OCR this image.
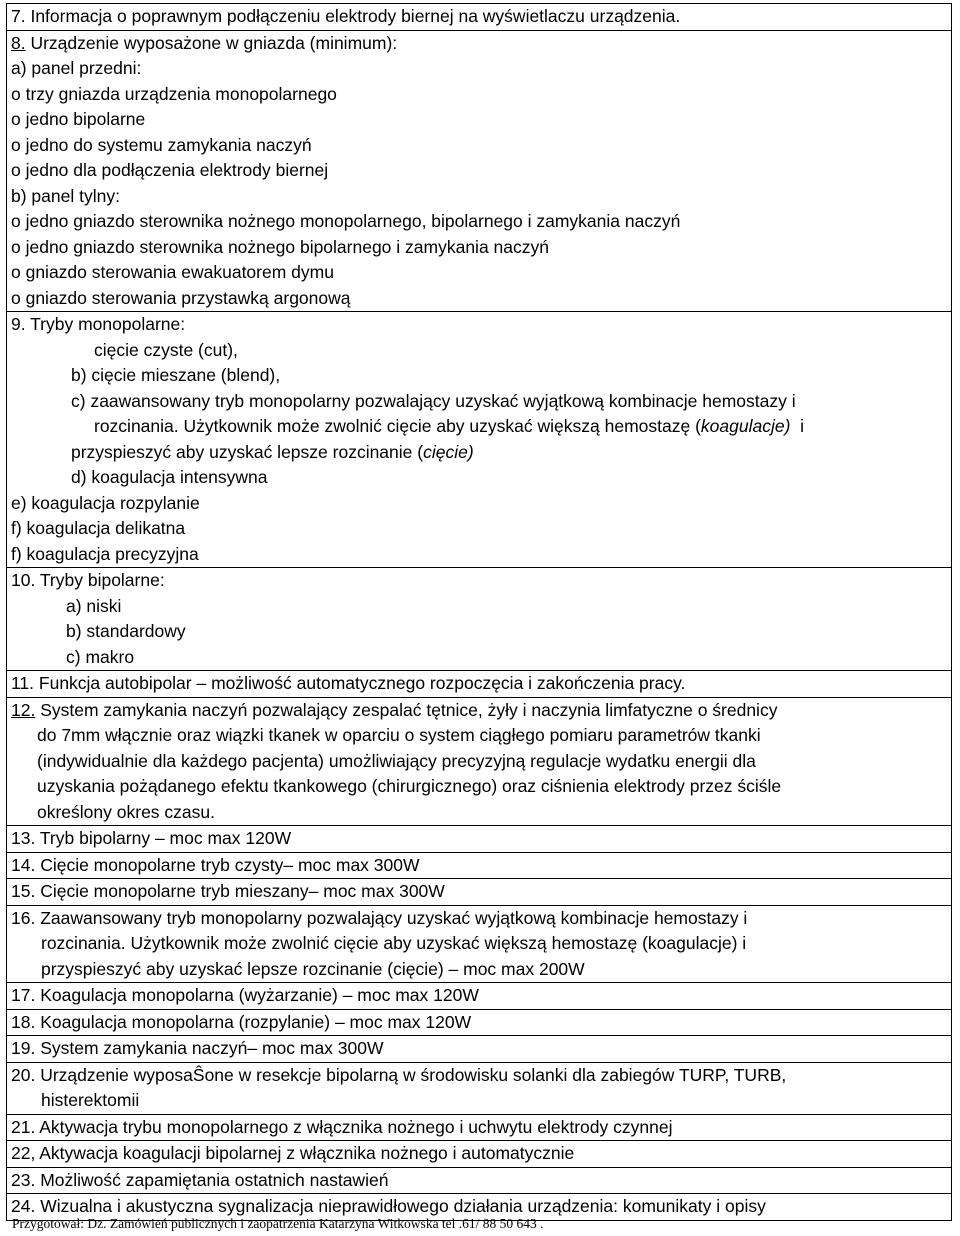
7. Informacja o poprawnym podłączeniu elektrody biernej na wyświetlaczu urządzenia.

8. Urządzenie wyposażone w gniazda (minimum):
a) panel przedni:
o trzy gniazda urządzenia monopolarnego
o jedno bipolarne
o jedno do systemu zamykania naczyń
o jedno dla podłączenia elektrody biernej
b) panel tylny:
o jedno gniazdo sterownika nożnego monopolarnego, bipolarnego i zamykania naczyń
o jedno gniazdo sterownika nożnego bipolarnego i zamykania naczyń
o gniazdo sterowania ewakuatorem dymu
o gniazdo sterowania przystawką argonową

9. Tryby monopolarne:
cięcie czyste (cut),
b) cięcie mieszane (blend),
c) zaawansowany tryb monopolarny pozwalający uzyskać wyjątkową kombinacje hemostazy i
rozcinania. Użytkownik może zwolnić cięcie aby uzyskać większą hemostazę (koagulacje)  i
przyspieszyć aby uzyskać lepsze rozcinanie (cięcie)
d) koagulacja intensywna
e) koagulacja rozpylanie
f) koagulacja delikatna
f) koagulacja precyzyjna

10. Tryby bipolarne:
a) niski
b) standardowy
c) makro

11. Funkcja autobipolar – możliwość automatycznego rozpoczęcia i zakończenia pracy.

12. System zamykania naczyń pozwalający zespalać tętnice, żyły i naczynia limfatyczne o średnicy
do 7mm włącznie oraz wiązki tkanek w oparciu o system ciągłego pomiaru parametrów tkanki
(indywidualnie dla każdego pacjenta) umożliwiający precyzyjną regulacje wydatku energii dla
uzyskania pożądanego efektu tkankowego (chirurgicznego) oraz ciśnienia elektrody przez ściśle
określony okres czasu.

13. Tryb bipolarny – moc max 120W

14. Cięcie monopolarne tryb czysty– moc max 300W

15. Cięcie monopolarne tryb mieszany– moc max 300W

16. Zaawansowany tryb monopolarny pozwalający uzyskać wyjątkową kombinacje hemostazy i
rozcinania. Użytkownik może zwolnić cięcie aby uzyskać większą hemostazę (koagulacje) i
przyspieszyć aby uzyskać lepsze rozcinanie (cięcie) – moc max 200W

17. Koagulacja monopolarna (wyżarzanie) – moc max 120W

18. Koagulacja monopolarna (rozpylanie) – moc max 120W

19. System zamykania naczyń– moc max 300W

20. Urządzenie wyposaŜone w resekcje bipolarną w środowisku solanki dla zabiegów TURP, TURB,
histerektomii

21. Aktywacja trybu monopolarnego z włącznika nożnego i uchwytu elektrody czynnej

22, Aktywacja koagulacji bipolarnej z włącznika nożnego i automatycznie

23. Możliwość zapamiętania ostatnich nastawień

24. Wizualna i akustyczna sygnalizacja nieprawidłowego działania urządzenia: komunikaty i opisy
Przygotował: Dz. Zamówień publicznych i zaopatrzenia Katarzyna Witkowska tel .61/ 88 50 643 .
